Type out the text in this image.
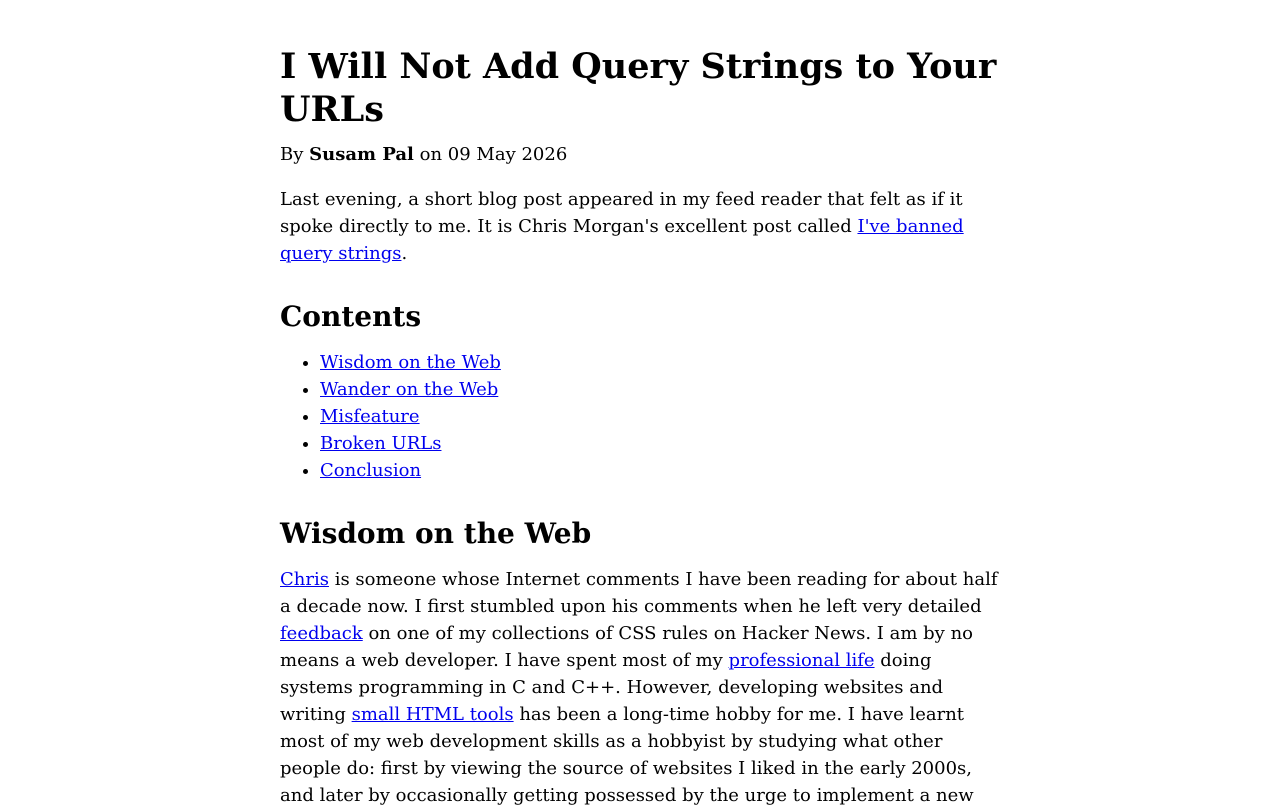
I Will Not Add Query Strings to Your URLs
By Susam Pal on 09 May 2026

Last evening, a short blog post appeared in my feed reader that felt as if it spoke directly to me. It is Chris Morgan's excellent post called I've banned query strings.

Contents
• Wisdom on the Web
• Wander on the Web
• Misfeature
• Broken URLs
• Conclusion
Wisdom on the Web

Chris is someone whose Internet comments I have been reading for about half a decade now. I first stumbled upon his comments when he left very detailed feedback on one of my collections of CSS rules on Hacker News. I am by no means a web developer. I have spent most of my professional life doing systems programming in C and C++. However, developing websites and writing small HTML tools has been a long-time hobby for me. I have learnt most of my web development skills as a hobbyist by studying what other people do: first by viewing the source of websites I liked in the early 2000s, and later by occasionally getting possessed by the urge to implement a new
